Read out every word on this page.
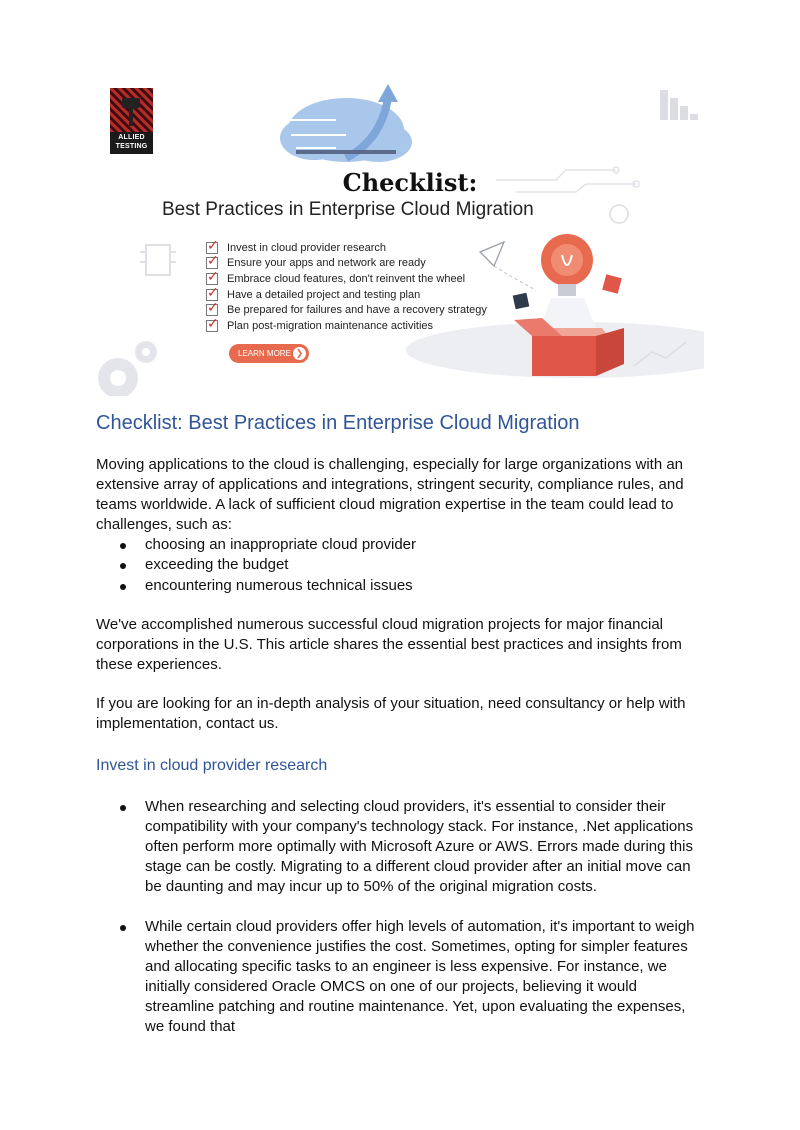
ALLIED
TESTING
Checklist:
Best Practices in Enterprise Cloud Migration
✓
Invest in cloud provider research
✓
Ensure your apps and network are ready
✓
Embrace cloud features, don't reinvent the wheel
✓
Have a detailed project and testing plan
✓
Be prepared for failures and have a recovery strategy
✓
Plan post-migration maintenance activities
LEARN MORE ❯
Checklist: Best Practices in Enterprise Cloud Migration

Moving applications to the cloud is challenging, especially for large organizations with an extensive array of applications and integrations, stringent security, compliance rules, and teams worldwide. A lack of sufficient cloud migration expertise in the team could lead to challenges, such as:

choosing an inappropriate cloud provider
exceeding the budget
encountering numerous technical issues

We've accomplished numerous successful cloud migration projects for major financial corporations in the U.S. This article shares the essential best practices and insights from these experiences.

If you are looking for an in-depth analysis of your situation, need consultancy or help with implementation, contact us.

Invest in cloud provider research
When researching and selecting cloud providers, it's essential to consider their compatibility with your company's technology stack. For instance, .Net applications often perform more optimally with Microsoft Azure or AWS. Errors made during this stage can be costly. Migrating to a different cloud provider after an initial move can be daunting and may incur up to 50% of the original migration costs.
While certain cloud providers offer high levels of automation, it's important to weigh whether the convenience justifies the cost. Sometimes, opting for simpler features and allocating specific tasks to an engineer is less expensive. For instance, we initially considered Oracle OMCS on one of our projects, believing it would streamline patching and routine maintenance. Yet, upon evaluating the expenses, we found that
